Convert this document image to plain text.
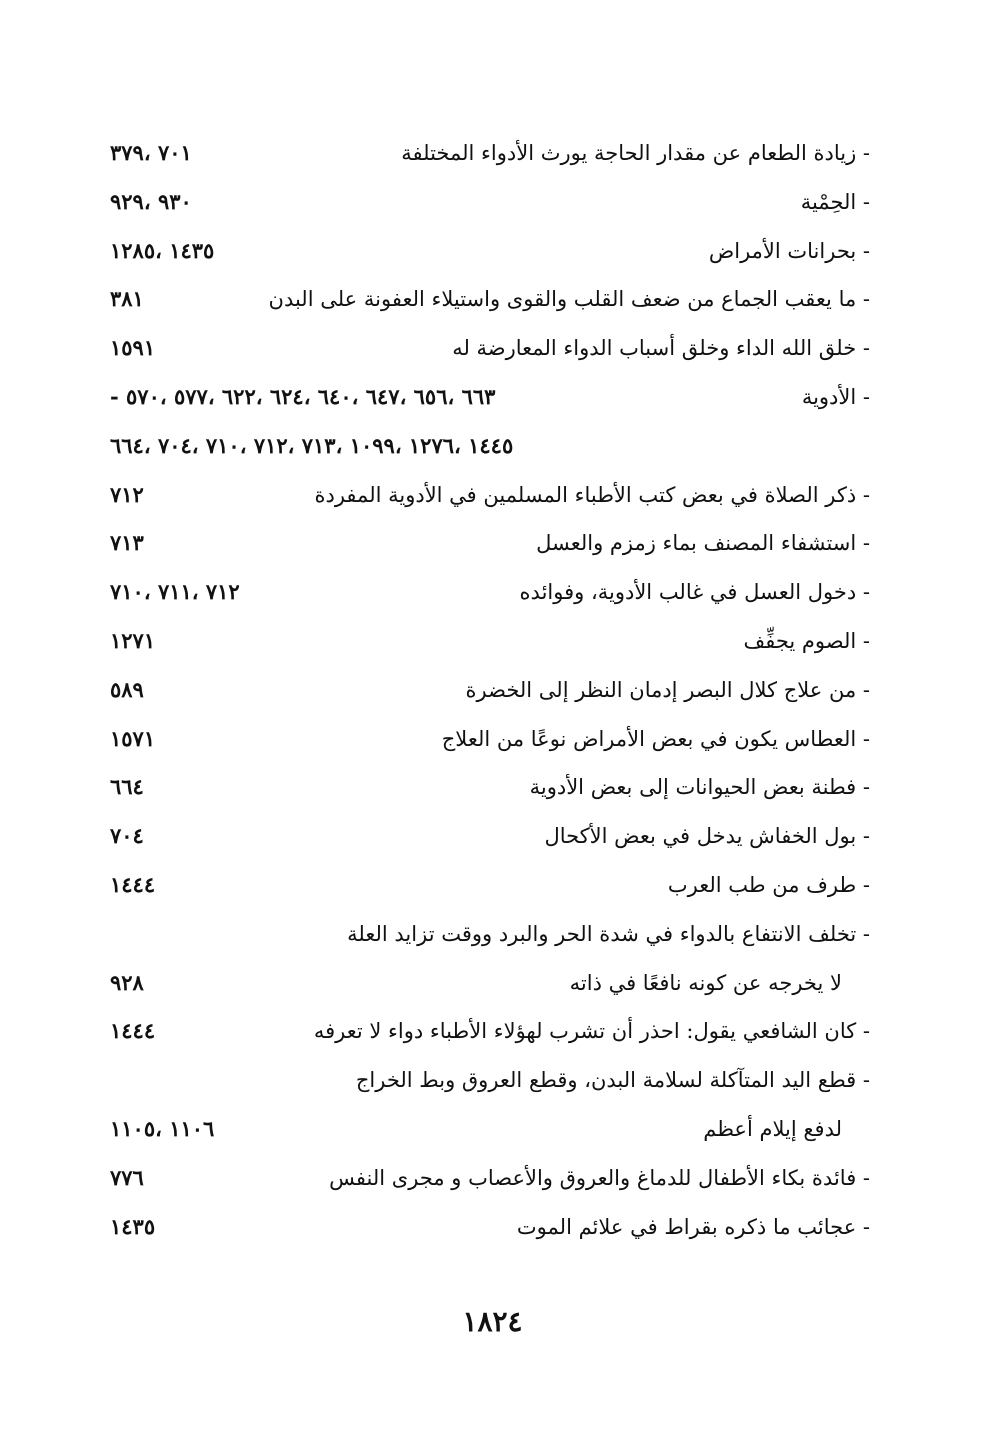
- زيادة الطعام عن مقدار الحاجة يورث الأدواء المختلفة
٧٠١ ،٣٧٩
- الحِمْية
٩٣٠ ،٩٢٩
- بحرانات الأمراض
١٤٣٥ ،١٢٨٥
- ما يعقب الجماع من ضعف القلب والقوى واستيلاء العفونة على البدن
٣٨١
- خلق الله الداء وخلق أسباب الدواء المعارضة له
١٥٩١
- الأدوية
- ٦٦٣ ،٦٥٦ ،٦٤٧ ،٦٤٠ ،٦٢٤ ،٦٢٢ ،٥٧٧ ،٥٧٠
١٤٤٥ ،١٢٧٦ ،١٠٩٩ ،٧١٣ ،٧١٢ ،٧١٠ ،٧٠٤ ،٦٦٤
- ذكر الصلاة في بعض كتب الأطباء المسلمين في الأدوية المفردة
٧١٢
- استشفاء المصنف بماء زمزم والعسل
٧١٣
- دخول العسل في غالب الأدوية، وفوائده
٧١٢ ،٧١١ ،٧١٠
- الصوم يجفِّف
١٢٧١
- من علاج كلال البصر إدمان النظر إلى الخضرة
٥٨٩
- العطاس يكون في بعض الأمراض نوعًا من العلاج
١٥٧١
- فطنة بعض الحيوانات إلى بعض الأدوية
٦٦٤
- بول الخفاش يدخل في بعض الأكحال
٧٠٤
- طرف من طب العرب
١٤٤٤
- تخلف الانتفاع بالدواء في شدة الحر والبرد ووقت تزايد العلة
لا يخرجه عن كونه نافعًا في ذاته
٩٢٨
- كان الشافعي يقول: احذر أن تشرب لهؤلاء الأطباء دواء لا تعرفه
١٤٤٤
- قطع اليد المتآكلة لسلامة البدن، وقطع العروق وبط الخراج
لدفع إيلام أعظم
١١٠٦ ،١١٠٥
- فائدة بكاء الأطفال للدماغ والعروق والأعصاب و مجرى النفس
٧٧٦
- عجائب ما ذكره بقراط في علائم الموت
١٤٣٥
١٨٢٤
